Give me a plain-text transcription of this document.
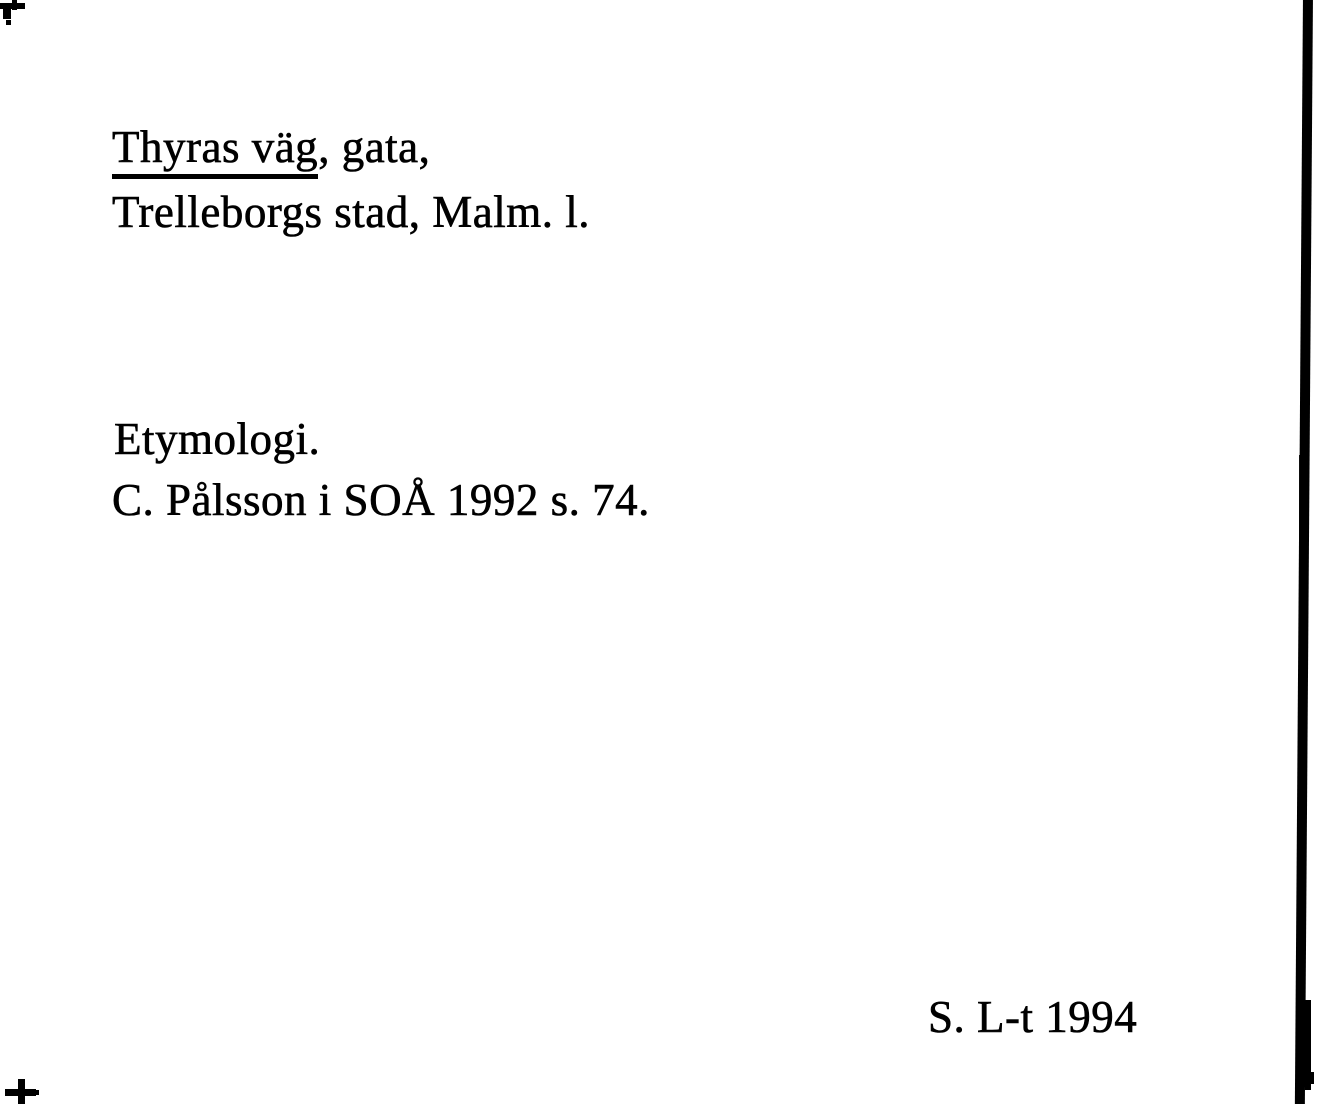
Thyras väg, gata,
Trelleborgs stad, Malm. l.
Etymologi.
C. Pålsson i SOÅ 1992 s. 74.
S. L-t 1994
